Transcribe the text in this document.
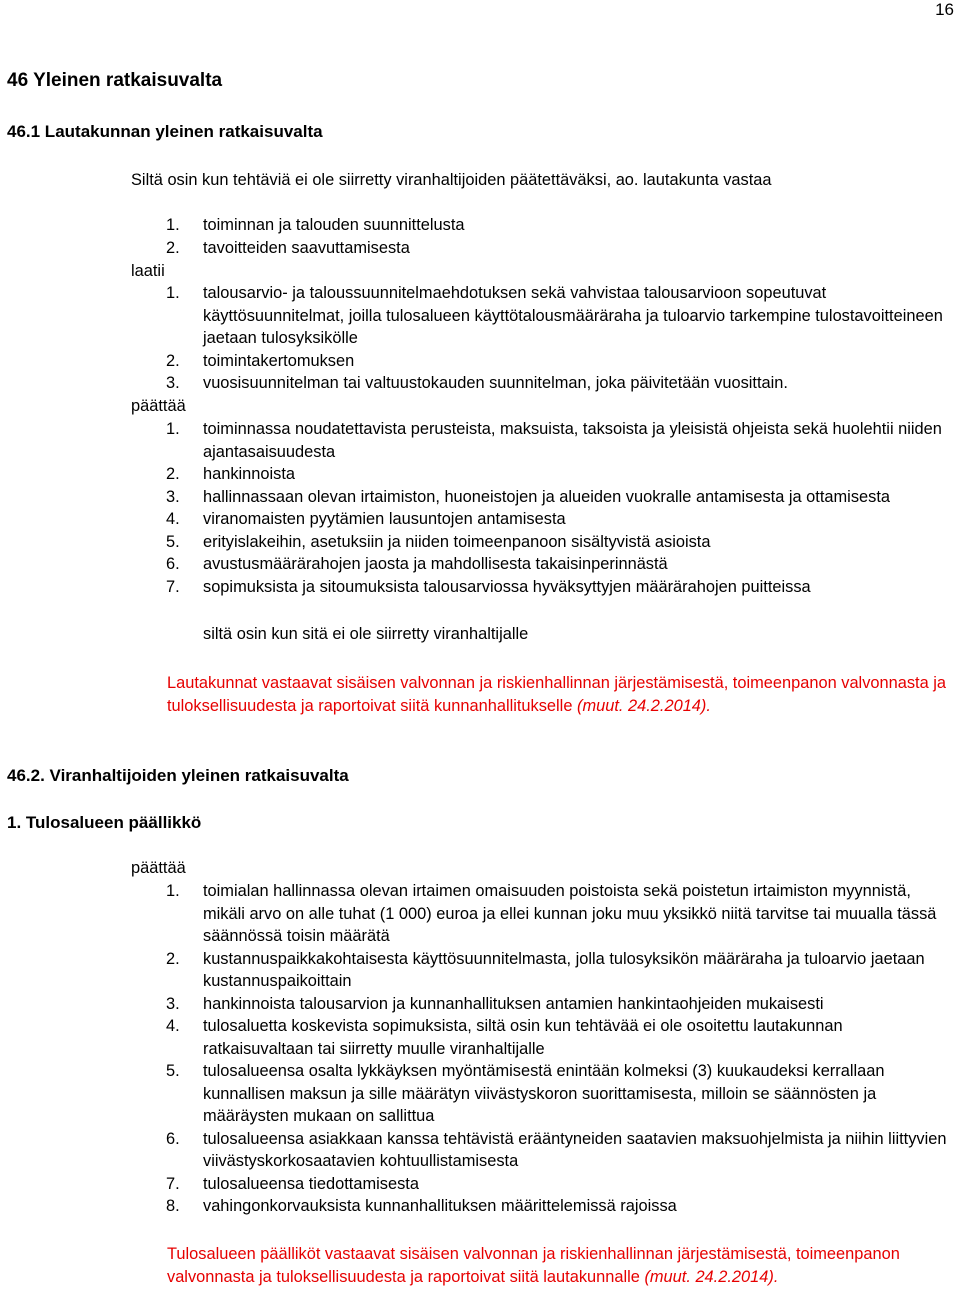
16
46 Yleinen ratkaisuvalta
46.1 Lautakunnan yleinen ratkaisuvalta

Siltä osin kun tehtäviä ei ole siirretty viranhaltijoiden päätettäväksi, ao. lautakunta vastaa

1. toiminnan ja talouden suunnittelusta
2. tavoitteiden saavuttamisesta

laatii

1. talousarvio- ja taloussuunnitelmaehdotuksen sekä vahvistaa talousarvioon sopeutuvat käyttösuunnitelmat, joilla tulosalueen käyttötalousmääräraha ja tuloarvio tarkempine tulostavoitteineen jaetaan tulosyksikölle
2. toimintakertomuksen
3. vuosisuunnitelman tai valtuustokauden suunnitelman, joka päivitetään vuosittain.

päättää

1. toiminnassa noudatettavista perusteista, maksuista, taksoista ja yleisistä ohjeista sekä huolehtii niiden ajantasaisuudesta
2. hankinnoista
3. hallinnassaan olevan irtaimiston, huoneistojen ja alueiden vuokralle antamisesta ja ottamisesta
4. viranomaisten pyytämien lausuntojen antamisesta
5. erityislakeihin, asetuksiin ja niiden toimeenpanoon sisältyvistä asioista
6. avustusmäärärahojen jaosta ja mahdollisesta takaisinperinnästä
7. sopimuksista ja sitoumuksista talousarviossa hyväksyttyjen määrärahojen puitteissa

siltä osin kun sitä ei ole siirretty viranhaltijalle

Lautakunnat vastaavat sisäisen valvonnan ja riskienhallinnan järjestämisestä, toimeenpanon valvonnasta ja tuloksellisuudesta ja raportoivat siitä kunnanhallitukselle (muut. 24.2.2014).

46.2. Viranhaltijoiden yleinen ratkaisuvalta
1. Tulosalueen päällikkö

päättää

1. toimialan hallinnassa olevan irtaimen omaisuuden poistoista sekä poistetun irtaimiston myynnistä, mikäli arvo on alle tuhat (1 000) euroa ja ellei kunnan joku muu yksikkö niitä tarvitse tai muualla tässä säännössä toisin määrätä
2. kustannuspaikkakohtaisesta käyttösuunnitelmasta, jolla tulosyksikön määräraha ja tuloarvio jaetaan kustannuspaikoittain
3. hankinnoista talousarvion ja kunnanhallituksen antamien hankintaohjeiden mukaisesti
4. tulosaluetta koskevista sopimuksista, siltä osin kun tehtävää ei ole osoitettu lautakunnan ratkaisuvaltaan tai siirretty muulle viranhaltijalle
5. tulosalueensa osalta lykkäyksen myöntämisestä enintään kolmeksi (3) kuukaudeksi kerrallaan kunnallisen maksun ja sille määrätyn viivästyskoron suorittamisesta, milloin se säännösten ja määräysten mukaan on sallittua
6. tulosalueensa asiakkaan kanssa tehtävistä erääntyneiden saatavien maksuohjelmista ja niihin liittyvien viivästyskorkosaatavien kohtuullistamisesta
7. tulosalueensa tiedottamisesta
8. vahingonkorvauksista kunnanhallituksen määrittelemissä rajoissa

Tulosalueen päälliköt vastaavat sisäisen valvonnan ja riskienhallinnan järjestämisestä, toimeenpanon valvonnasta ja tuloksellisuudesta ja raportoivat siitä lautakunnalle (muut. 24.2.2014).
